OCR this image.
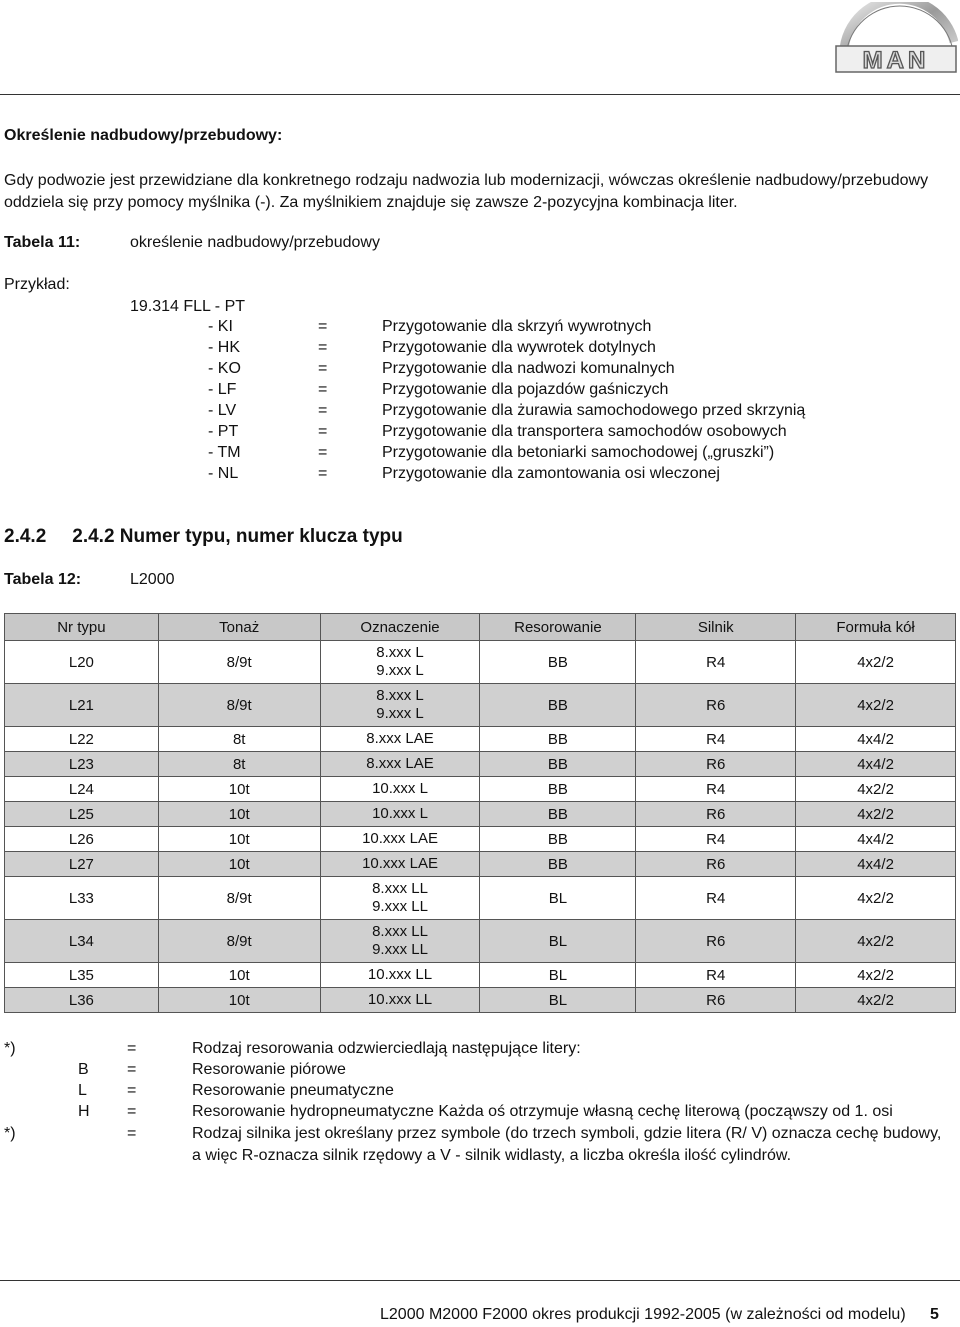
MAN
Określenie nadbudowy/przebudowy:
Gdy podwozie jest przewidziane dla konkretnego rodzaju nadwozia lub modernizacji, wówczas określenie nadbudowy/przebudowy
oddziela się przy pomocy myślnika (-). Za myślnikiem znajduje się zawsze 2-pozycyjna kombinacja liter.
Tabela 11:	określenie nadbudowy/przebudowy
Przykład:
19.314 FLL - PT
- KI	=	Przygotowanie dla skrzyń wywrotnych
- HK	=	Przygotowanie dla wywrotek dotylnych
- KO	=	Przygotowanie dla nadwozi komunalnych
- LF	=	Przygotowanie dla pojazdów gaśniczych
- LV	=	Przygotowanie dla żurawia samochodowego przed skrzynią
- PT	=	Przygotowanie dla transportera samochodów osobowych
- TM	=	Przygotowanie dla betoniarki samochodowej („gruszki”)
- NL	=	Przygotowanie dla zamontowania osi wleczonej
2.4.2 2.4.2 Numer typu, numer klucza typu
Tabela 12:	L2000
Nr typu	Tonaż	Oznaczenie	Resorowanie	Silnik	Formuła kół
L20	8/9t	8.xxx L
9.xxx L	BB	R4	4x2/2
L21	8/9t	8.xxx L
9.xxx L	BB	R6	4x2/2
L22	8t	8.xxx LAE	BB	R4	4x4/2
L23	8t	8.xxx LAE	BB	R6	4x4/2
L24	10t	10.xxx L	BB	R4	4x2/2
L25	10t	10.xxx L	BB	R6	4x2/2
L26	10t	10.xxx LAE	BB	R4	4x4/2
L27	10t	10.xxx LAE	BB	R6	4x4/2
L33	8/9t	8.xxx LL
9.xxx LL	BL	R4	4x2/2
L34	8/9t	8.xxx LL
9.xxx LL	BL	R6	4x2/2
L35	10t	10.xxx LL	BL	R4	4x2/2
L36	10t	10.xxx LL	BL	R6	4x2/2
*)	=	Rodzaj resorowania odzwierciedlają następujące litery:
B =	Resorowanie piórowe
L	=	Resorowanie pneumatyczne
H =	Resorowanie hydropneumatyczne Każda oś otrzymuje własną cechę literową (począwszy od 1. osi
*)	=	Rodzaj silnika jest określany przez symbole (do trzech symboli, gdzie litera (R/ V) oznacza cechę budowy,
a więc R-oznacza silnik rzędowy a V - silnik widlasty, a liczba określa ilość cylindrów.
L2000 M2000 F2000 okres produkcji 1992-2005 (w zależności od modelu) 5
